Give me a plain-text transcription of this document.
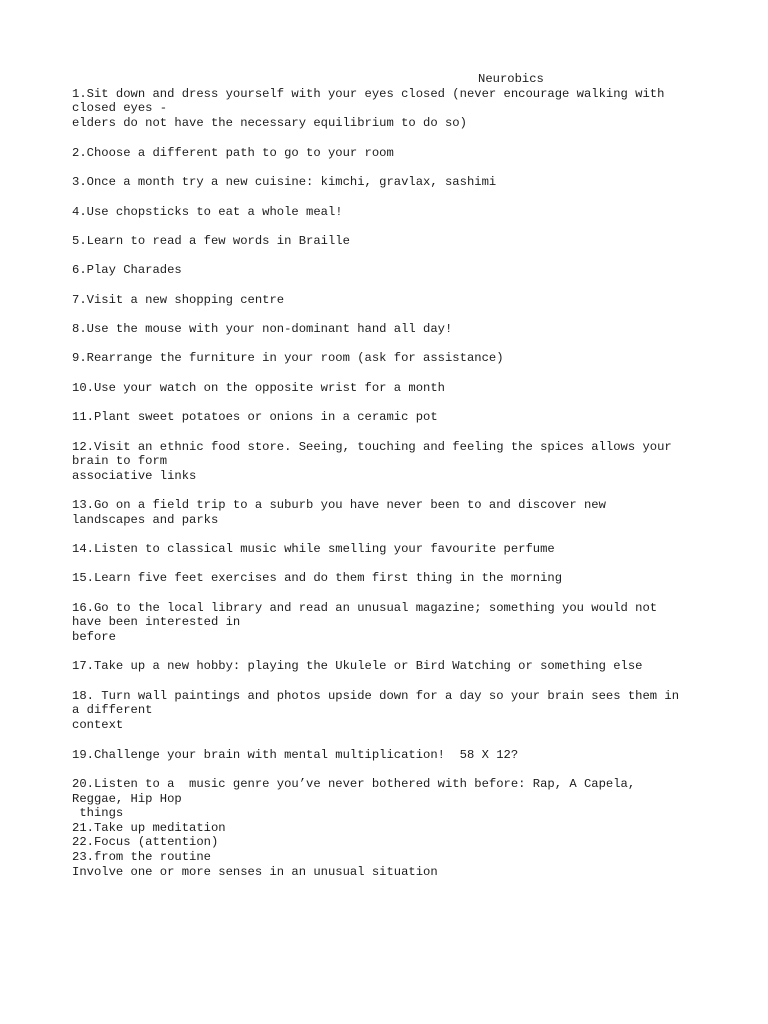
Neurobics

1.Sit down and dress yourself with your eyes closed (never encourage walking with

closed eyes -

elders do not have the necessary equilibrium to do so)

2.Choose a different path to go to your room

3.Once a month try a new cuisine: kimchi, gravlax, sashimi

4.Use chopsticks to eat a whole meal!

5.Learn to read a few words in Braille

6.Play Charades

7.Visit a new shopping centre

8.Use the mouse with your non-dominant hand all day!

9.Rearrange the furniture in your room (ask for assistance)

10.Use your watch on the opposite wrist for a month

11.Plant sweet potatoes or onions in a ceramic pot

12.Visit an ethnic food store. Seeing, touching and feeling the spices allows your

brain to form

associative links

13.Go on a field trip to a suburb you have never been to and discover new

landscapes and parks

14.Listen to classical music while smelling your favourite perfume

15.Learn five feet exercises and do them first thing in the morning

16.Go to the local library and read an unusual magazine; something you would not

have been interested in

before

17.Take up a new hobby: playing the Ukulele or Bird Watching or something else

18. Turn wall paintings and photos upside down for a day so your brain sees them in

a different

context

19.Challenge your brain with mental multiplication!  58 X 12?

20.Listen to a  music genre you’ve never bothered with before: Rap, A Capela,

Reggae, Hip Hop

things

21.Take up meditation

22.Focus (attention)

23.from the routine

Involve one or more senses in an unusual situation
